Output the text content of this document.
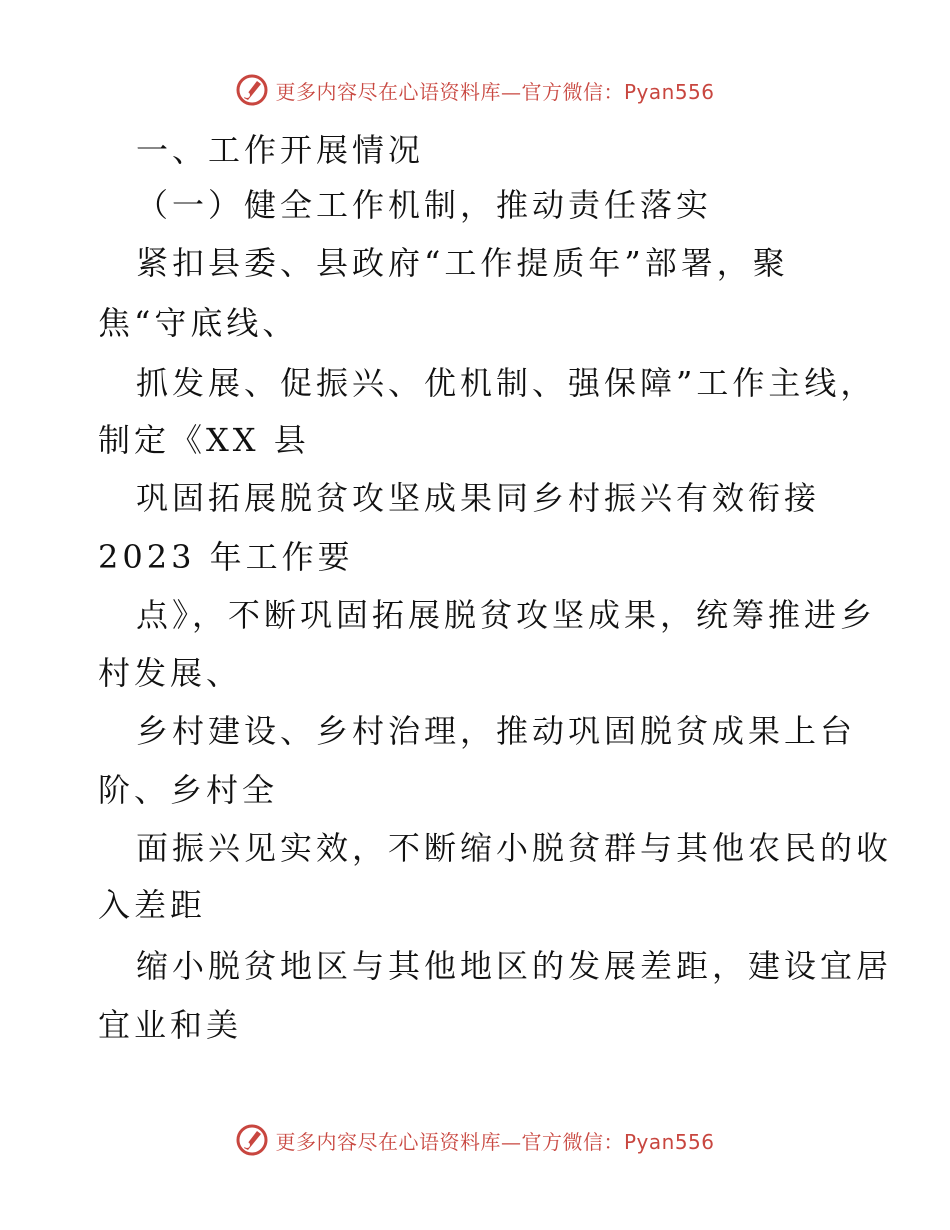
更多内容尽在心语资料库—官方微信：Pyan556
一、工作开展情况
（一）健全工作机制，推动责任落实
紧扣县委、县政府“工作提质年”部署，聚
焦“守底线、
抓发展、促振兴、优机制、强保障”工作主线，
制定《XX 县
巩固拓展脱贫攻坚成果同乡村振兴有效衔接
2023 年工作要
点》，不断巩固拓展脱贫攻坚成果，统筹推进乡
村发展、
乡村建设、乡村治理，推动巩固脱贫成果上台
阶、乡村全
面振兴见实效，不断缩小脱贫群与其他农民的收
入差距
缩小脱贫地区与其他地区的发展差距，建设宜居
宜业和美
更多内容尽在心语资料库—官方微信：Pyan556
